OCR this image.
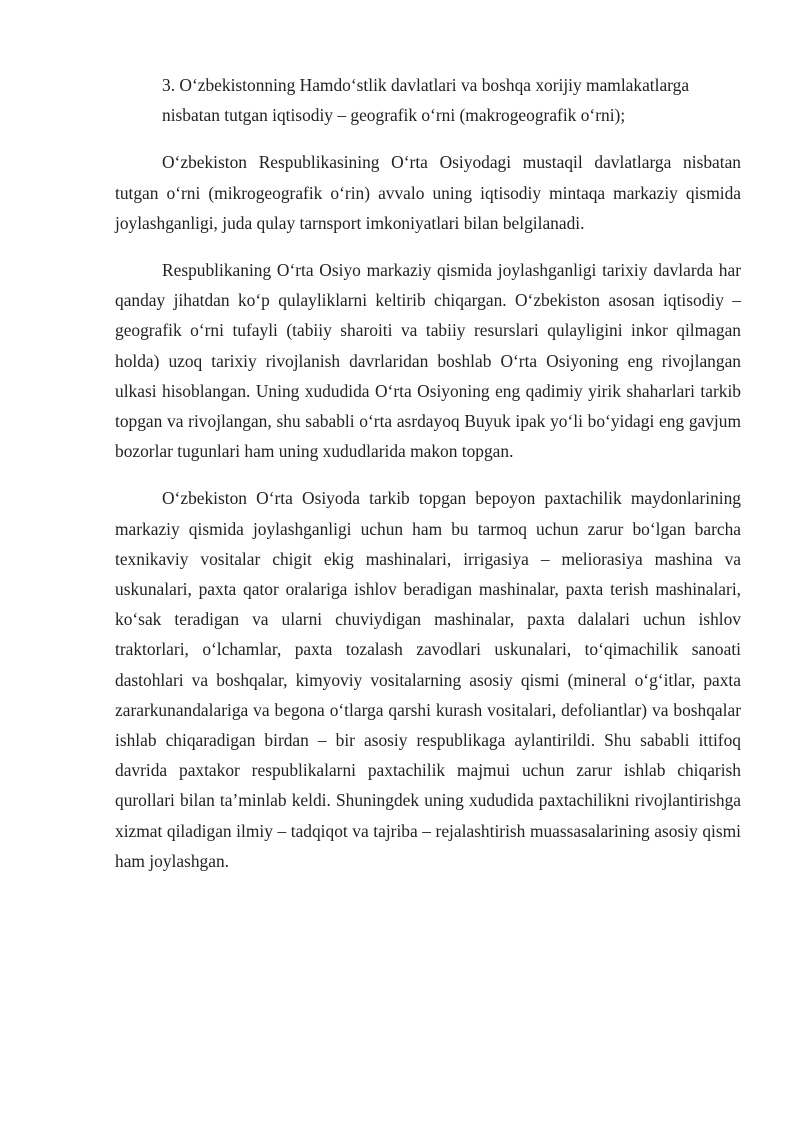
3. O‘zbekistonning Hamdo‘stlik davlatlari va boshqa xorijiy mamlakatlarga nisbatan tutgan iqtisodiy – geografik o‘rni (makrogeografik o‘rni);

O‘zbekiston Respublikasining O‘rta Osiyodagi mustaqil davlatlarga nisbatan tutgan o‘rni (mikrogeografik o‘rin) avvalo uning iqtisodiy mintaqa markaziy qismida joylashganligi, juda qulay tarnsport imkoniyatlari bilan belgilanadi.

Respublikaning O‘rta Osiyo markaziy qismida joylashganligi tarixiy davlarda har qanday jihatdan ko‘p qulayliklarni keltirib chiqargan. O‘zbekiston asosan iqtisodiy – geografik o‘rni tufayli (tabiiy sharoiti va tabiiy resurslari qulayligini inkor qilmagan holda) uzoq tarixiy rivojlanish davrlaridan boshlab O‘rta Osiyoning eng rivojlangan ulkasi hisoblangan. Uning xududida O‘rta Osiyoning eng qadimiy yirik shaharlari tarkib topgan va rivojlangan, shu sababli o‘rta asrdayoq Buyuk ipak yo‘li bo‘yidagi eng gavjum bozorlar tugunlari ham uning xududlarida makon topgan.

O‘zbekiston O‘rta Osiyoda tarkib topgan bepoyon paxtachilik maydonlarining markaziy qismida joylashganligi uchun ham bu tarmoq uchun zarur bo‘lgan barcha texnikaviy vositalar chigit ekig mashinalari, irrigasiya – meliorasiya mashina va uskunalari, paxta qator oralariga ishlov beradigan mashinalar, paxta terish mashinalari, ko‘sak teradigan va ularni chuviydigan mashinalar, paxta dalalari uchun ishlov traktorlari, o‘lchamlar, paxta tozalash zavodlari uskunalari, to‘qimachilik sanoati dastohlari va boshqalar, kimyoviy vositalarning asosiy qismi (mineral o‘g‘itlar, paxta zararkunandalariga va begona o‘tlarga qarshi kurash vositalari, defoliantlar) va boshqalar ishlab chiqaradigan birdan – bir asosiy respublikaga aylantirildi. Shu sababli ittifoq davrida paxtakor respublikalarni paxtachilik majmui uchun zarur ishlab chiqarish qurollari bilan ta’minlab keldi. Shuningdek uning xududida paxtachilikni rivojlantirishga xizmat qiladigan ilmiy – tadqiqot va tajriba – rejalashtirish muassasalarining asosiy qismi ham joylashgan.
